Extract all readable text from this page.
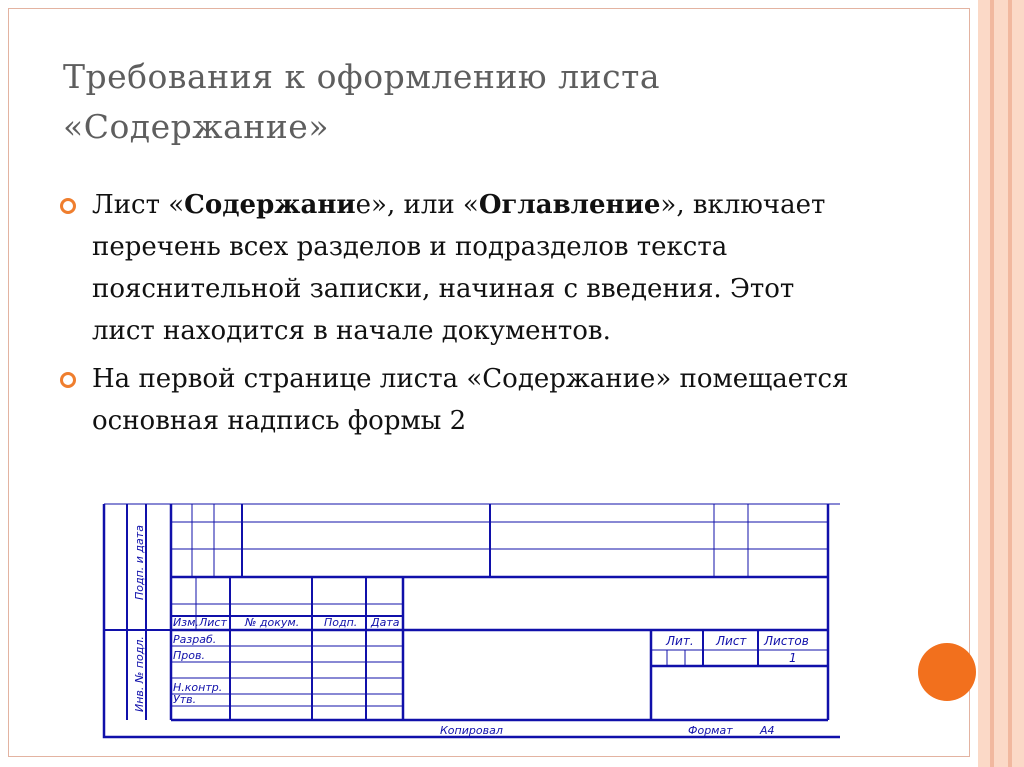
Требования к оформлению листа
«Содержание»
Лист «Содержание», или «Оглавление», включает перечень всех разделов и подразделов текста пояснительной записки, начиная с введения. Этот лист находится в начале документов.
На первой странице листа «Содержание» помещается основная надпись формы 2
Подп. и дата
Инв. № подл.
Изм. Лист № докум. Подп. Дата
Разраб.
Пров.
Н.контр.
Утв.
Лит. Лист Листов
1
Копировал	Формат А4
